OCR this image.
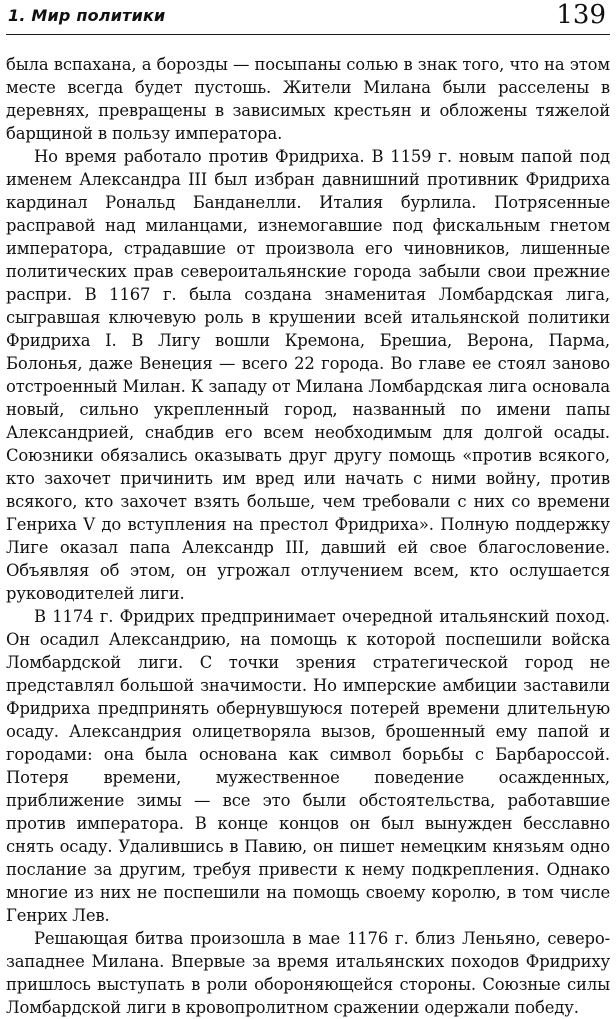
1. Мир политики	139

была вспахана, а борозды — посыпаны солью в знак того, что на этом месте всегда будет пустошь. Жители Милана были расселены в деревнях, превращены в зависимых крестьян и обложены тяжелой барщиной в пользу императора.

Но время работало против Фридриха. В 1159 г. новым папой под именем Александра III был избран давнишний противник Фридриха кардинал Рональд Банданелли. Италия бурлила. Потрясенные расправой над миланцами, изнемогавшие под фискальным гнетом императора, страдавшие от произвола его чиновников, лишенные политических прав североитальянские города забыли свои прежние распри. В 1167 г. была создана знаменитая Ломбардская лига, сыгравшая ключевую роль в крушении всей итальянской политики Фридриха I. В Лигу вошли Кремона, Брешиа, Верона, Парма, Болонья, даже Венеция — всего 22 города. Во главе ее стоял заново отстроенный Милан. К западу от Милана Ломбардская лига основала новый, сильно укрепленный город, названный по имени папы Александрией, снабдив его всем необходимым для долгой осады. Союзники обязались оказывать друг другу помощь «против всякого, кто захочет причинить им вред или начать с ними войну, против всякого, кто захочет взять больше, чем требовали с них со времени Генриха V до вступления на престол Фридриха». Полную поддержку Лиге оказал папа Александр III, давший ей свое благословение. Объявляя об этом, он угрожал отлучением всем, кто ослушается руководителей лиги.

В 1174 г. Фридрих предпринимает очередной итальянский поход. Он осадил Александрию, на помощь к которой поспешили войска Ломбардской лиги. С точки зрения стратегической город не представлял большой значимости. Но имперские амбиции заставили Фридриха предпринять обернувшуюся потерей времени длительную осаду. Александрия олицетворяла вызов, брошенный ему папой и городами: она была основана как символ борьбы с Барбароссой. Потеря времени, мужественное поведение осажденных, приближение зимы — все это были обстоятельства, работавшие против императора. В конце концов он был вынужден бесславно снять осаду. Удалившись в Павию, он пишет немецким князьям одно послание за другим, требуя привести к нему подкрепления. Однако многие из них не поспешили на помощь своему королю, в том числе Генрих Лев.

Решающая битва произошла в мае 1176 г. близ Леньяно, северо-западнее Милана. Впервые за время итальянских походов Фридриху пришлось выступать в роли обороняющейся стороны. Союзные силы Ломбардской лиги в кровопролитном сражении одержали победу.
